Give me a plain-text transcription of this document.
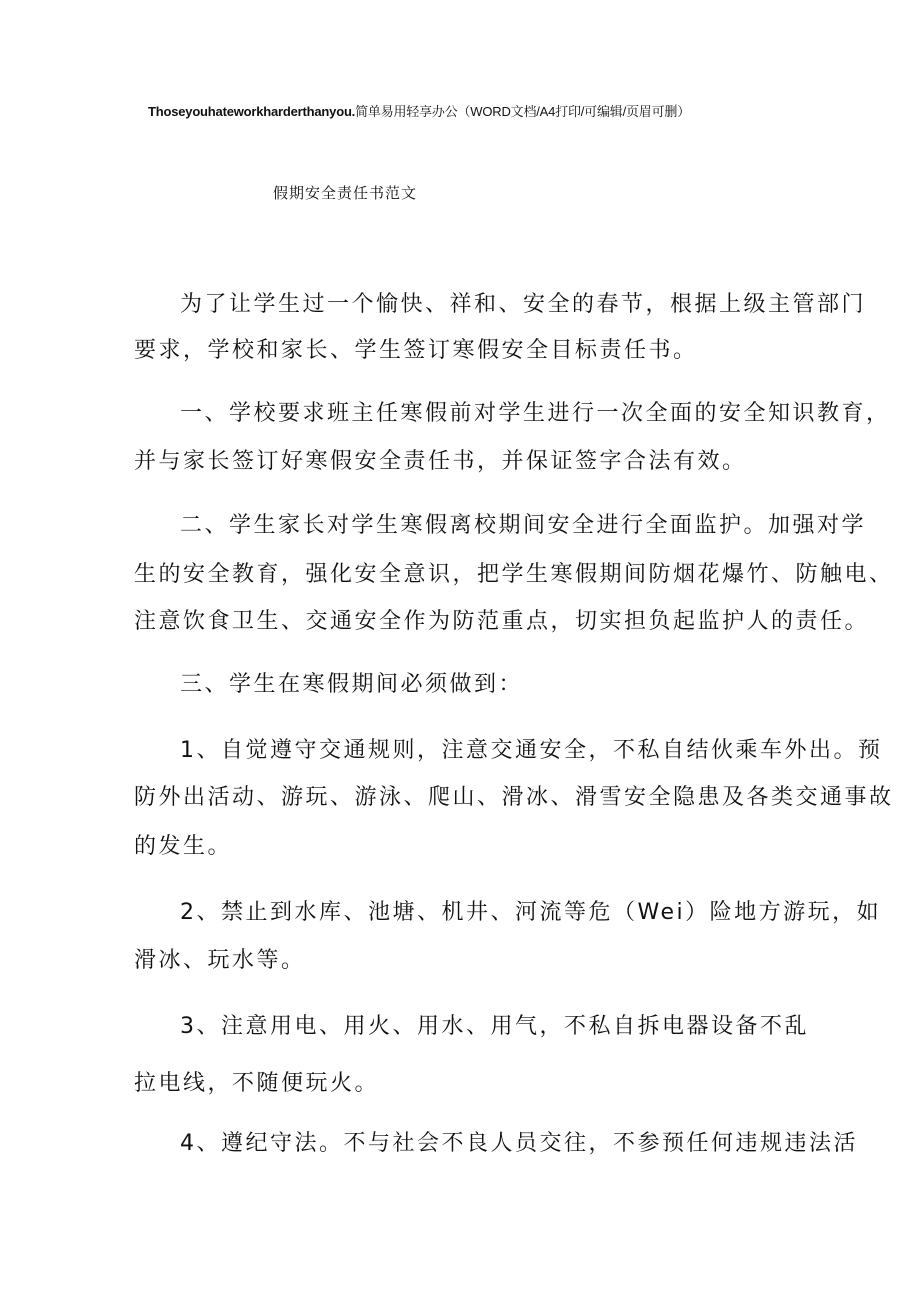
Thoseyouhateworkharderthanyou.简单易用轻享办公（WORD文档/A4打印/可编辑/页眉可删）
假期安全责任书范文
为了让学生过一个愉快、祥和、安全的春节，根据上级主管部门
要求，学校和家长、学生签订寒假安全目标责任书。
一、学校要求班主任寒假前对学生进行一次全面的安全知识教育，
并与家长签订好寒假安全责任书，并保证签字合法有效。
二、学生家长对学生寒假离校期间安全进行全面监护。加强对学
生的安全教育，强化安全意识，把学生寒假期间防烟花爆竹、防触电、
注意饮食卫生、交通安全作为防范重点，切实担负起监护人的责任。
三、学生在寒假期间必须做到：
1、自觉遵守交通规则，注意交通安全，不私自结伙乘车外出。预
防外出活动、游玩、游泳、爬山、滑冰、滑雪安全隐患及各类交通事故
的发生。
2、禁止到水库、池塘、机井、河流等危（Wei）险地方游玩，如
滑冰、玩水等。
3、注意用电、用火、用水、用气，不私自拆电器设备不乱
拉电线，不随便玩火。
4、遵纪守法。不与社会不良人员交往，不参预任何违规违法活
